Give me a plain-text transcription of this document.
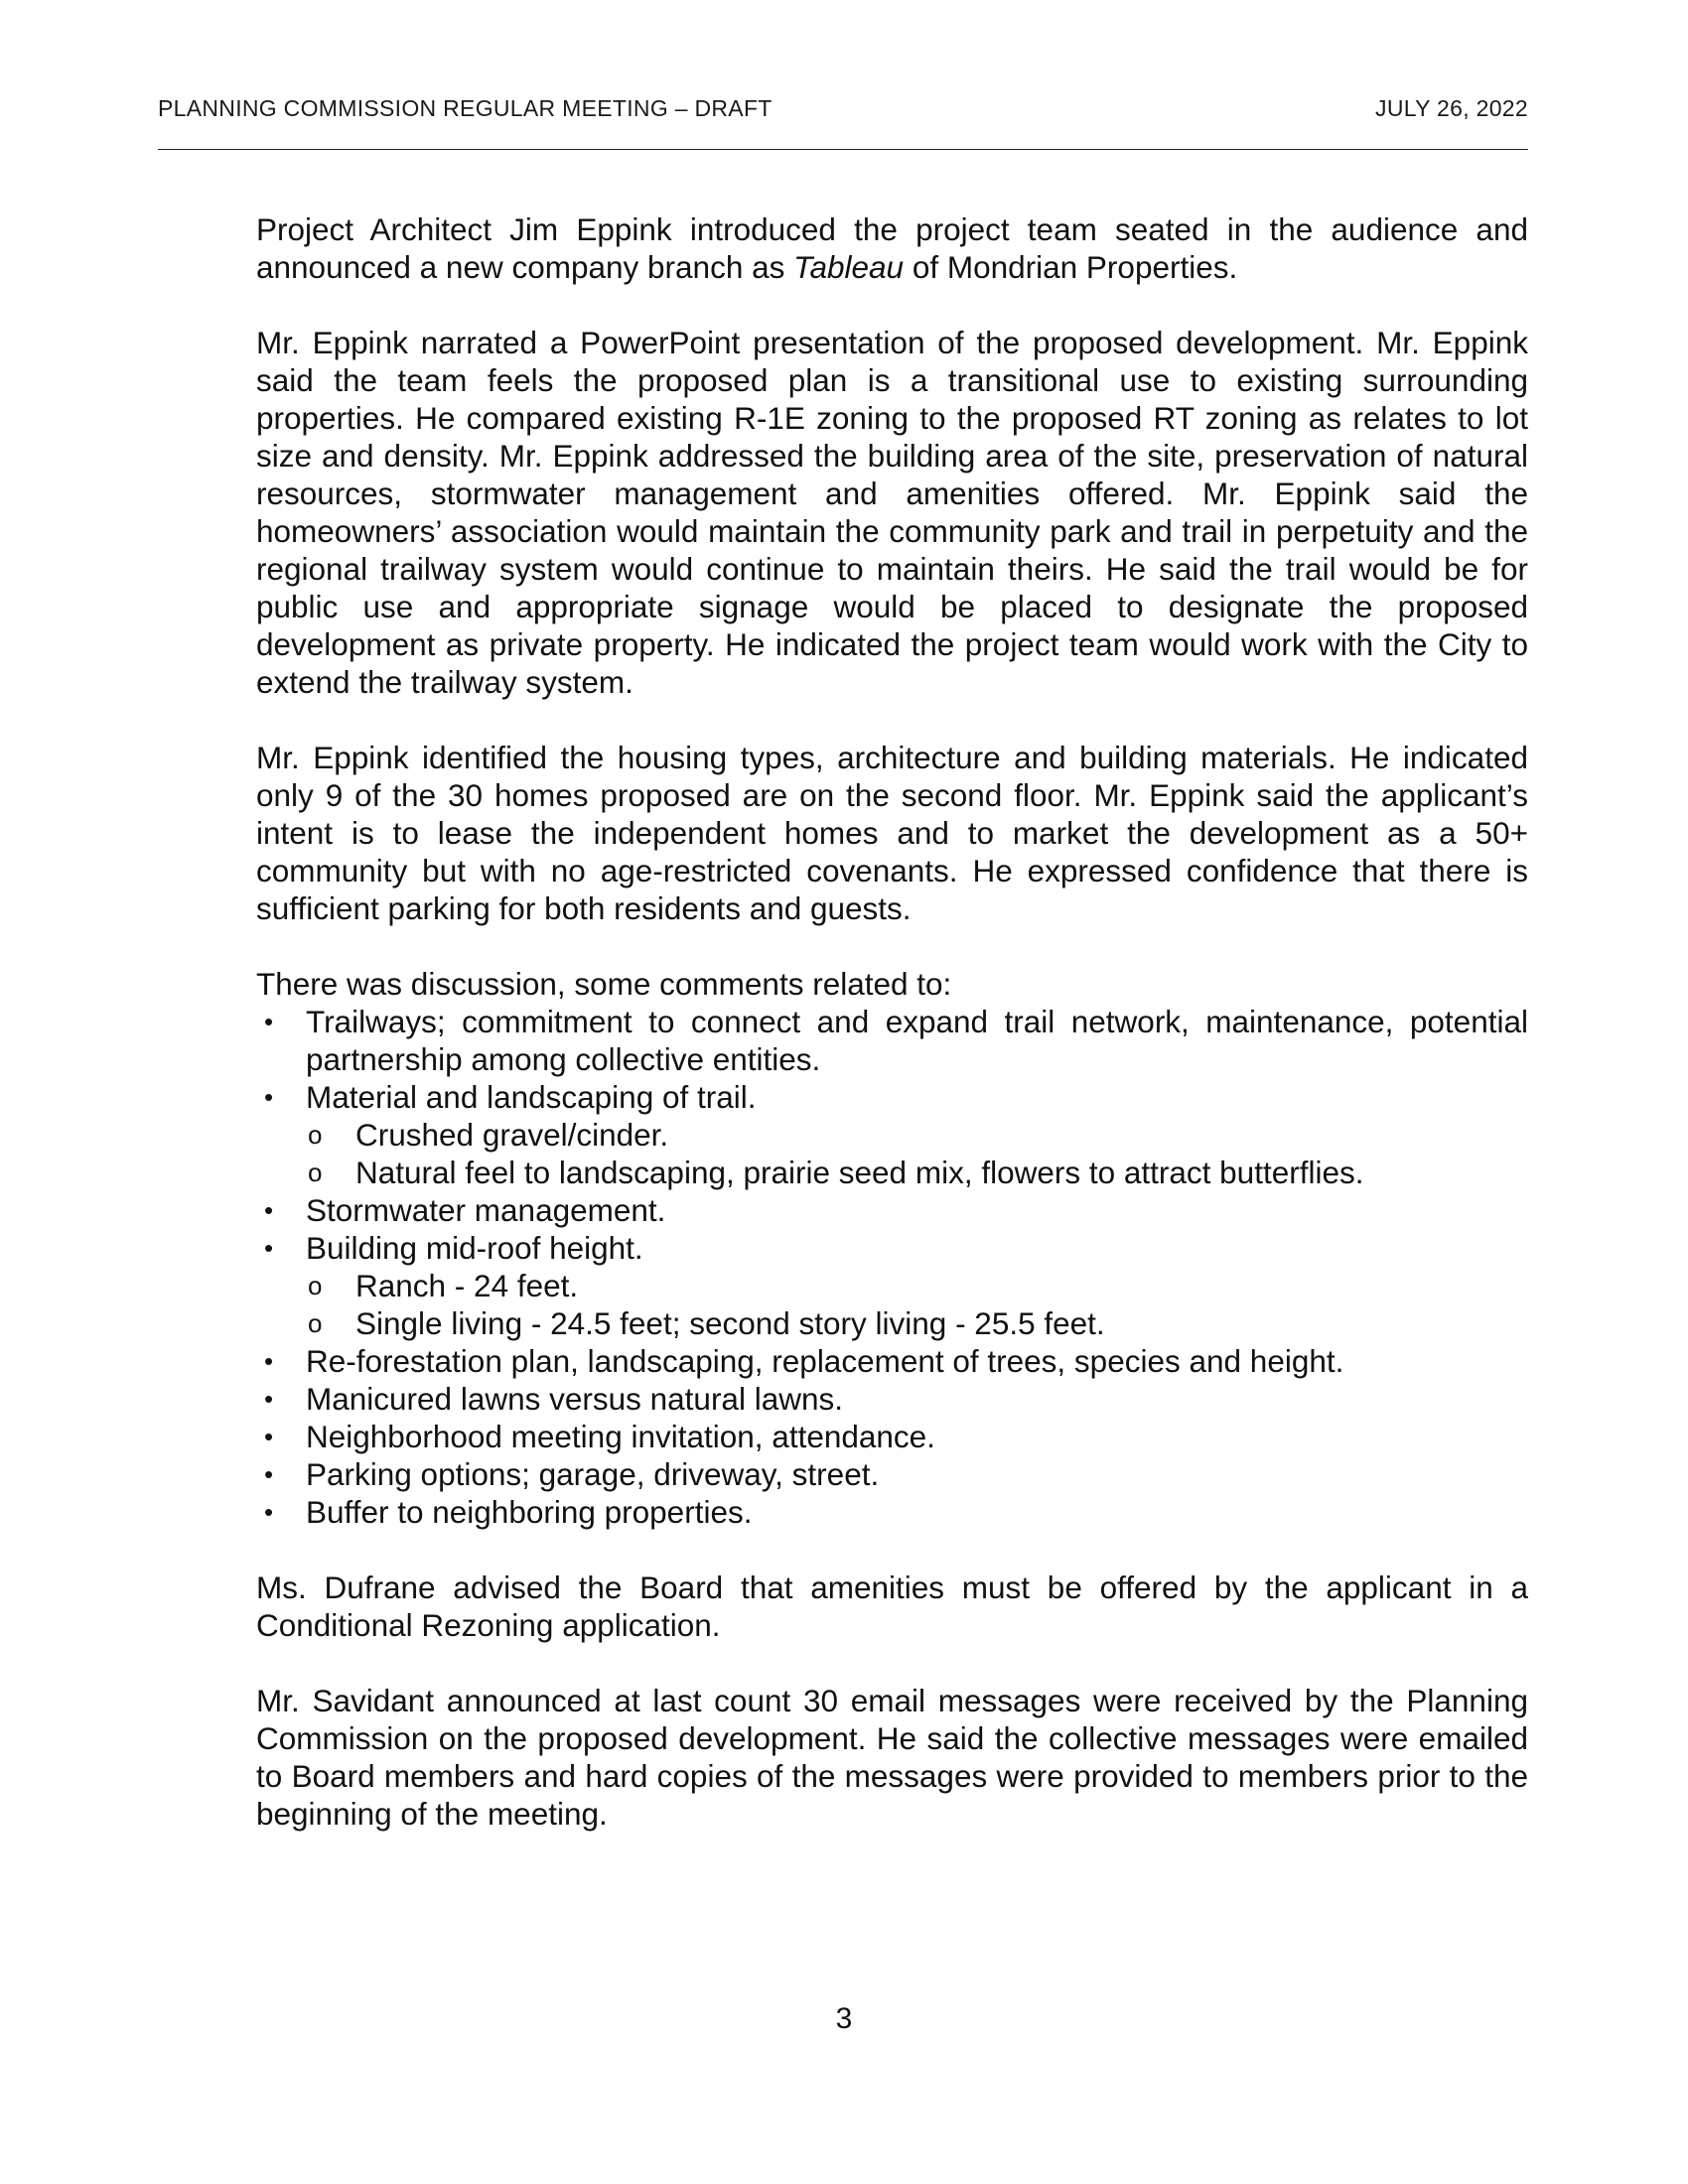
PLANNING COMMISSION REGULAR MEETING – DRAFT	JULY 26, 2022

Project Architect Jim Eppink introduced the project team seated in the audience and announced a new company branch as Tableau of Mondrian Properties.

Mr. Eppink narrated a PowerPoint presentation of the proposed development. Mr. Eppink said the team feels the proposed plan is a transitional use to existing surrounding properties. He compared existing R-1E zoning to the proposed RT zoning as relates to lot size and density. Mr. Eppink addressed the building area of the site, preservation of natural resources, stormwater management and amenities offered. Mr. Eppink said the homeowners’ association would maintain the community park and trail in perpetuity and the regional trailway system would continue to maintain theirs. He said the trail would be for public use and appropriate signage would be placed to designate the proposed development as private property. He indicated the project team would work with the City to extend the trailway system.

Mr. Eppink identified the housing types, architecture and building materials. He indicated only 9 of the 30 homes proposed are on the second floor. Mr. Eppink said the applicant’s intent is to lease the independent homes and to market the development as a 50+ community but with no age-restricted covenants. He expressed confidence that there is sufficient parking for both residents and guests.

There was discussion, some comments related to:

• Trailways; commitment to connect and expand trail network, maintenance, potential partnership among collective entities.
• Material and landscaping of trail.
o Crushed gravel/cinder.
o Natural feel to landscaping, prairie seed mix, flowers to attract butterflies.
• Stormwater management.
• Building mid-roof height.
o Ranch - 24 feet.
o Single living - 24.5 feet; second story living - 25.5 feet.
• Re-forestation plan, landscaping, replacement of trees, species and height.
• Manicured lawns versus natural lawns.
• Neighborhood meeting invitation, attendance.
• Parking options; garage, driveway, street.
• Buffer to neighboring properties.

Ms. Dufrane advised the Board that amenities must be offered by the applicant in a Conditional Rezoning application.

Mr. Savidant announced at last count 30 email messages were received by the Planning Commission on the proposed development. He said the collective messages were emailed to Board members and hard copies of the messages were provided to members prior to the beginning of the meeting.

3
